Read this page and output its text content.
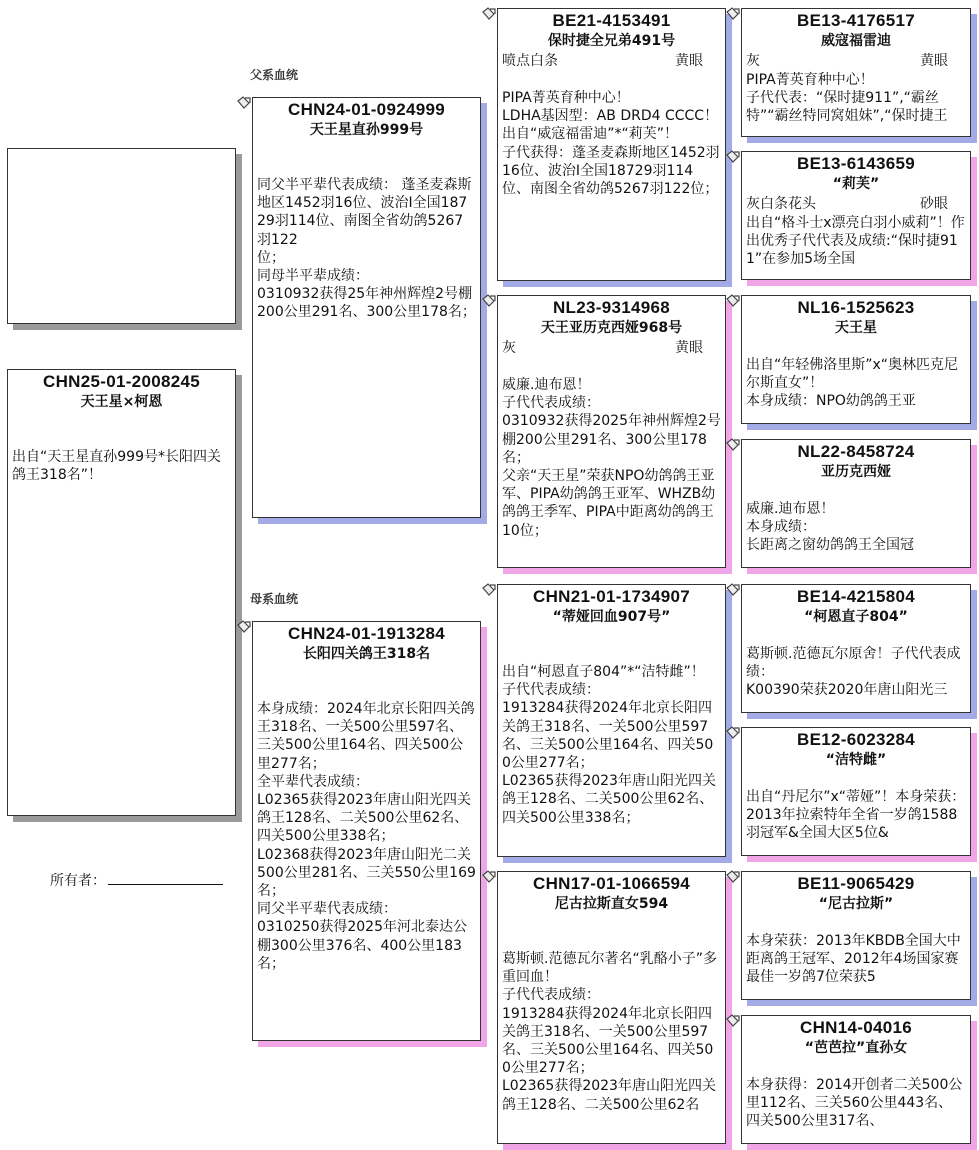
父系血统
母系血统
所有者：
CHN25-01-2008245
天王星×柯恩
出自“天王星直孙999号*长阳四关鸽王318名”！
CHN24-01-0924999
天王星直孙999号
同父半平辈代表成绩： 蓬圣麦森斯地区1452羽16位、波治I全国18729羽114位、南图全省幼鸽5267羽122
位；
同母半平辈成绩：
0310932获得25年神州辉煌2号棚200公里291名、300公里178名；
CHN24-01-1913284
长阳四关鸽王318名
本身成绩：2024年北京长阳四关鸽王318名、一关500公里597名、三关500公里164名、四关500公里277名；
全平辈代表成绩：
L02365获得2023年唐山阳光四关鸽王128名、二关500公里62名、四关500公里338名；
L02368获得2023年唐山阳光二关500公里281名、三关550公里169名；
同父半平辈代表成绩：
0310250获得2025年河北泰达公棚300公里376名、400公里183名；
BE21-4153491
保时捷全兄弟491号
喷点白条	黄眼
PIPA菁英育种中心！
LDHA基因型：AB DRD4 CCCC！出自“威寇福雷迪”*“莉芙”！
子代获得：蓬圣麦森斯地区1452羽16位、波治I全国18729羽114位、南图全省幼鸽5267羽122位；
NL23-9314968
天王亚历克西娅968号
灰	黄眼
威廉.迪布恩！
子代代表成绩：
0310932获得2025年神州辉煌2号棚200公里291名、300公里178名；
父亲“天王星”荣获NPO幼鸽鸽王亚军、PIPA幼鸽鸽王亚军、WHZB幼鸽鸽王季军、PIPA中距离幼鸽鸽王10位；
CHN21-01-1734907
“蒂娅回血907号”
出自“柯恩直子804”*“洁特雌”！
子代代表成绩：
1913284获得2024年北京长阳四关鸽王318名、一关500公里597名、三关500公里164名、四关500公里277名；
L02365获得2023年唐山阳光四关鸽王128名、二关500公里62名、四关500公里338名；
CHN17-01-1066594
尼古拉斯直女594
葛斯顿.范德瓦尔著名“乳酪小子”多重回血！
子代代表成绩：
1913284获得2024年北京长阳四关鸽王318名、一关500公里597名、三关500公里164名、四关500公里277名；
L02365获得2023年唐山阳光四关鸽王128名、二关500公里62名
BE13-4176517
威寇福雷迪
灰	黄眼
PIPA菁英育种中心！
子代代表：“保时捷911”,“霸丝特”“霸丝特同窝姐妹”,“保时捷王
BE13-6143659
“莉芙”
灰白条花头	砂眼
出自“格斗士x漂亮白羽小威莉”！作出优秀子代代表及成绩:“保时捷911”在参加5场全国
NL16-1525623
天王星
出自“年轻佛洛里斯”x“奥林匹克尼尔斯直女”！
本身成绩：NPO幼鸽鸽王亚
NL22-8458724
亚历克西娅
威廉.迪布恩！
本身成绩：
长距离之窗幼鸽鸽王全国冠
BE14-4215804
“柯恩直子804”
葛斯顿.范德瓦尔原舍！子代代表成绩：
K00390荣获2020年唐山阳光三
BE12-6023284
“洁特雌”
出自“丹尼尔”x“蒂娅”！本身荣获：2013年拉索特年全省一岁鸽1588羽冠军&全国大区5位&
BE11-9065429
“尼古拉斯”
本身荣获：2013年KBDB全国大中距离鸽王冠军、2012年4场国家赛最佳一岁鸽7位荣获5
CHN14-04016
“芭芭拉”直孙女
本身获得：2014开创者二关500公里112名、三关560公里443名、四关500公里317名、
